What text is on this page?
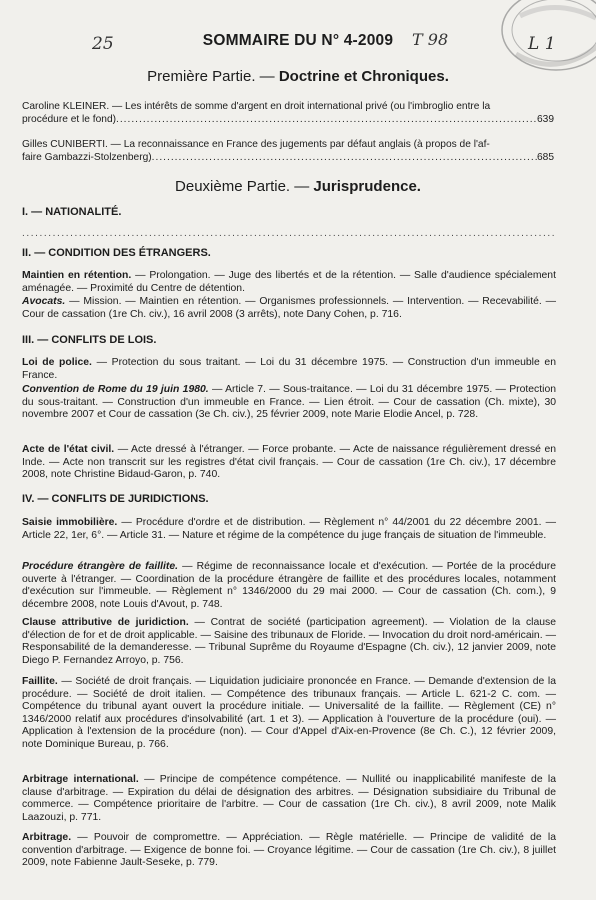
25	T 98	L 1
SOMMAIRE DU N° 4-2009
Première Partie. — Doctrine et Chroniques.
Caroline KLEINER. — Les intérêts de somme d'argent en droit international privé (ou l'imbroglio entre la
procédure et le fond) .....	639
Gilles CUNIBERTI. — La reconnaissance en France des jugements par défaut anglais (à propos de l'af-
faire Gambazzi-Stolzenberg) .....	685
Deuxième Partie. — Jurisprudence.
I. — NATIONALITÉ.
.....
II. — CONDITION DES ÉTRANGERS.
Maintien en rétention. — Prolongation. — Juge des libertés et de la rétention. — Salle d'audience spécialement aménagée. — Proximité du Centre de détention.
Avocats. — Mission. — Maintien en rétention. — Organismes professionnels. — Intervention. — Recevabilité. — Cour de cassation (1re Ch. civ.), 16 avril 2008 (3 arrêts), note Dany Cohen, p. 716.
III. — CONFLITS DE LOIS.
Loi de police. — Protection du sous traitant. — Loi du 31 décembre 1975. — Construction d'un immeuble en France.
Convention de Rome du 19 juin 1980. — Article 7. — Sous-traitance. — Loi du 31 décembre 1975. — Protection du sous-traitant. — Construction d'un immeuble en France. — Lien étroit. — Cour de cassation (Ch. mixte), 30 novembre 2007 et Cour de cassation (3e Ch. civ.), 25 février 2009, note Marie Elodie Ancel, p. 728.
Acte de l'état civil. — Acte dressé à l'étranger. — Force probante. — Acte de naissance régulièrement dressé en Inde. — Acte non transcrit sur les registres d'état civil français. — Cour de cassation (1re Ch. civ.), 17 décembre 2008, note Christine Bidaud-Garon, p. 740.
IV. — CONFLITS DE JURIDICTIONS.
Saisie immobilière. — Procédure d'ordre et de distribution. — Règlement n° 44/2001 du 22 décembre 2001. — Article 22, 1er, 6°. — Article 31. — Nature et régime de la compétence du juge français de situation de l'immeuble.
Procédure étrangère de faillite. — Régime de reconnaissance locale et d'exécution. — Portée de la procédure ouverte à l'étranger. — Coordination de la procédure étrangère de faillite et des procédures locales, notamment d'exécution sur l'immeuble. — Règlement n° 1346/2000 du 29 mai 2000. — Cour de cassation (Ch. com.), 9 décembre 2008, note Louis d'Avout, p. 748.
Clause attributive de juridiction. — Contrat de société (participation agreement). — Violation de la clause d'élection de for et de droit applicable. — Saisine des tribunaux de Floride. — Invocation du droit nord-américain. — Responsabilité de la demanderesse. — Tribunal Suprême du Royaume d'Espagne (Ch. civ.), 12 janvier 2009, note Diego P. Fernandez Arroyo, p. 756.
Faillite. — Société de droit français. — Liquidation judiciaire prononcée en France. — Demande d'extension de la procédure. — Société de droit italien. — Compétence des tribunaux français. — Article L. 621-2 C. com. — Compétence du tribunal ayant ouvert la procédure initiale. — Universalité de la faillite. — Règlement (CE) n° 1346/2000 relatif aux procédures d'insolvabilité (art. 1 et 3). — Application à l'ouverture de la procédure (oui). — Application à l'extension de la procédure (non). — Cour d'Appel d'Aix-en-Provence (8e Ch. C.), 12 février 2009, note Dominique Bureau, p. 766.
Arbitrage international. — Principe de compétence compétence. — Nullité ou inapplicabilité manifeste de la clause d'arbitrage. — Expiration du délai de désignation des arbitres. — Désignation subsidiaire du Tribunal de commerce. — Compétence prioritaire de l'arbitre. — Cour de cassation (1re Ch. civ.), 8 avril 2009, note Malik Laazouzi, p. 771.
Arbitrage. — Pouvoir de compromettre. — Appréciation. — Règle matérielle. — Principe de validité de la convention d'arbitrage. — Exigence de bonne foi. — Croyance légitime. — Cour de cassation (1re Ch. civ.), 8 juillet 2009, note Fabienne Jault-Seseke, p. 779.
